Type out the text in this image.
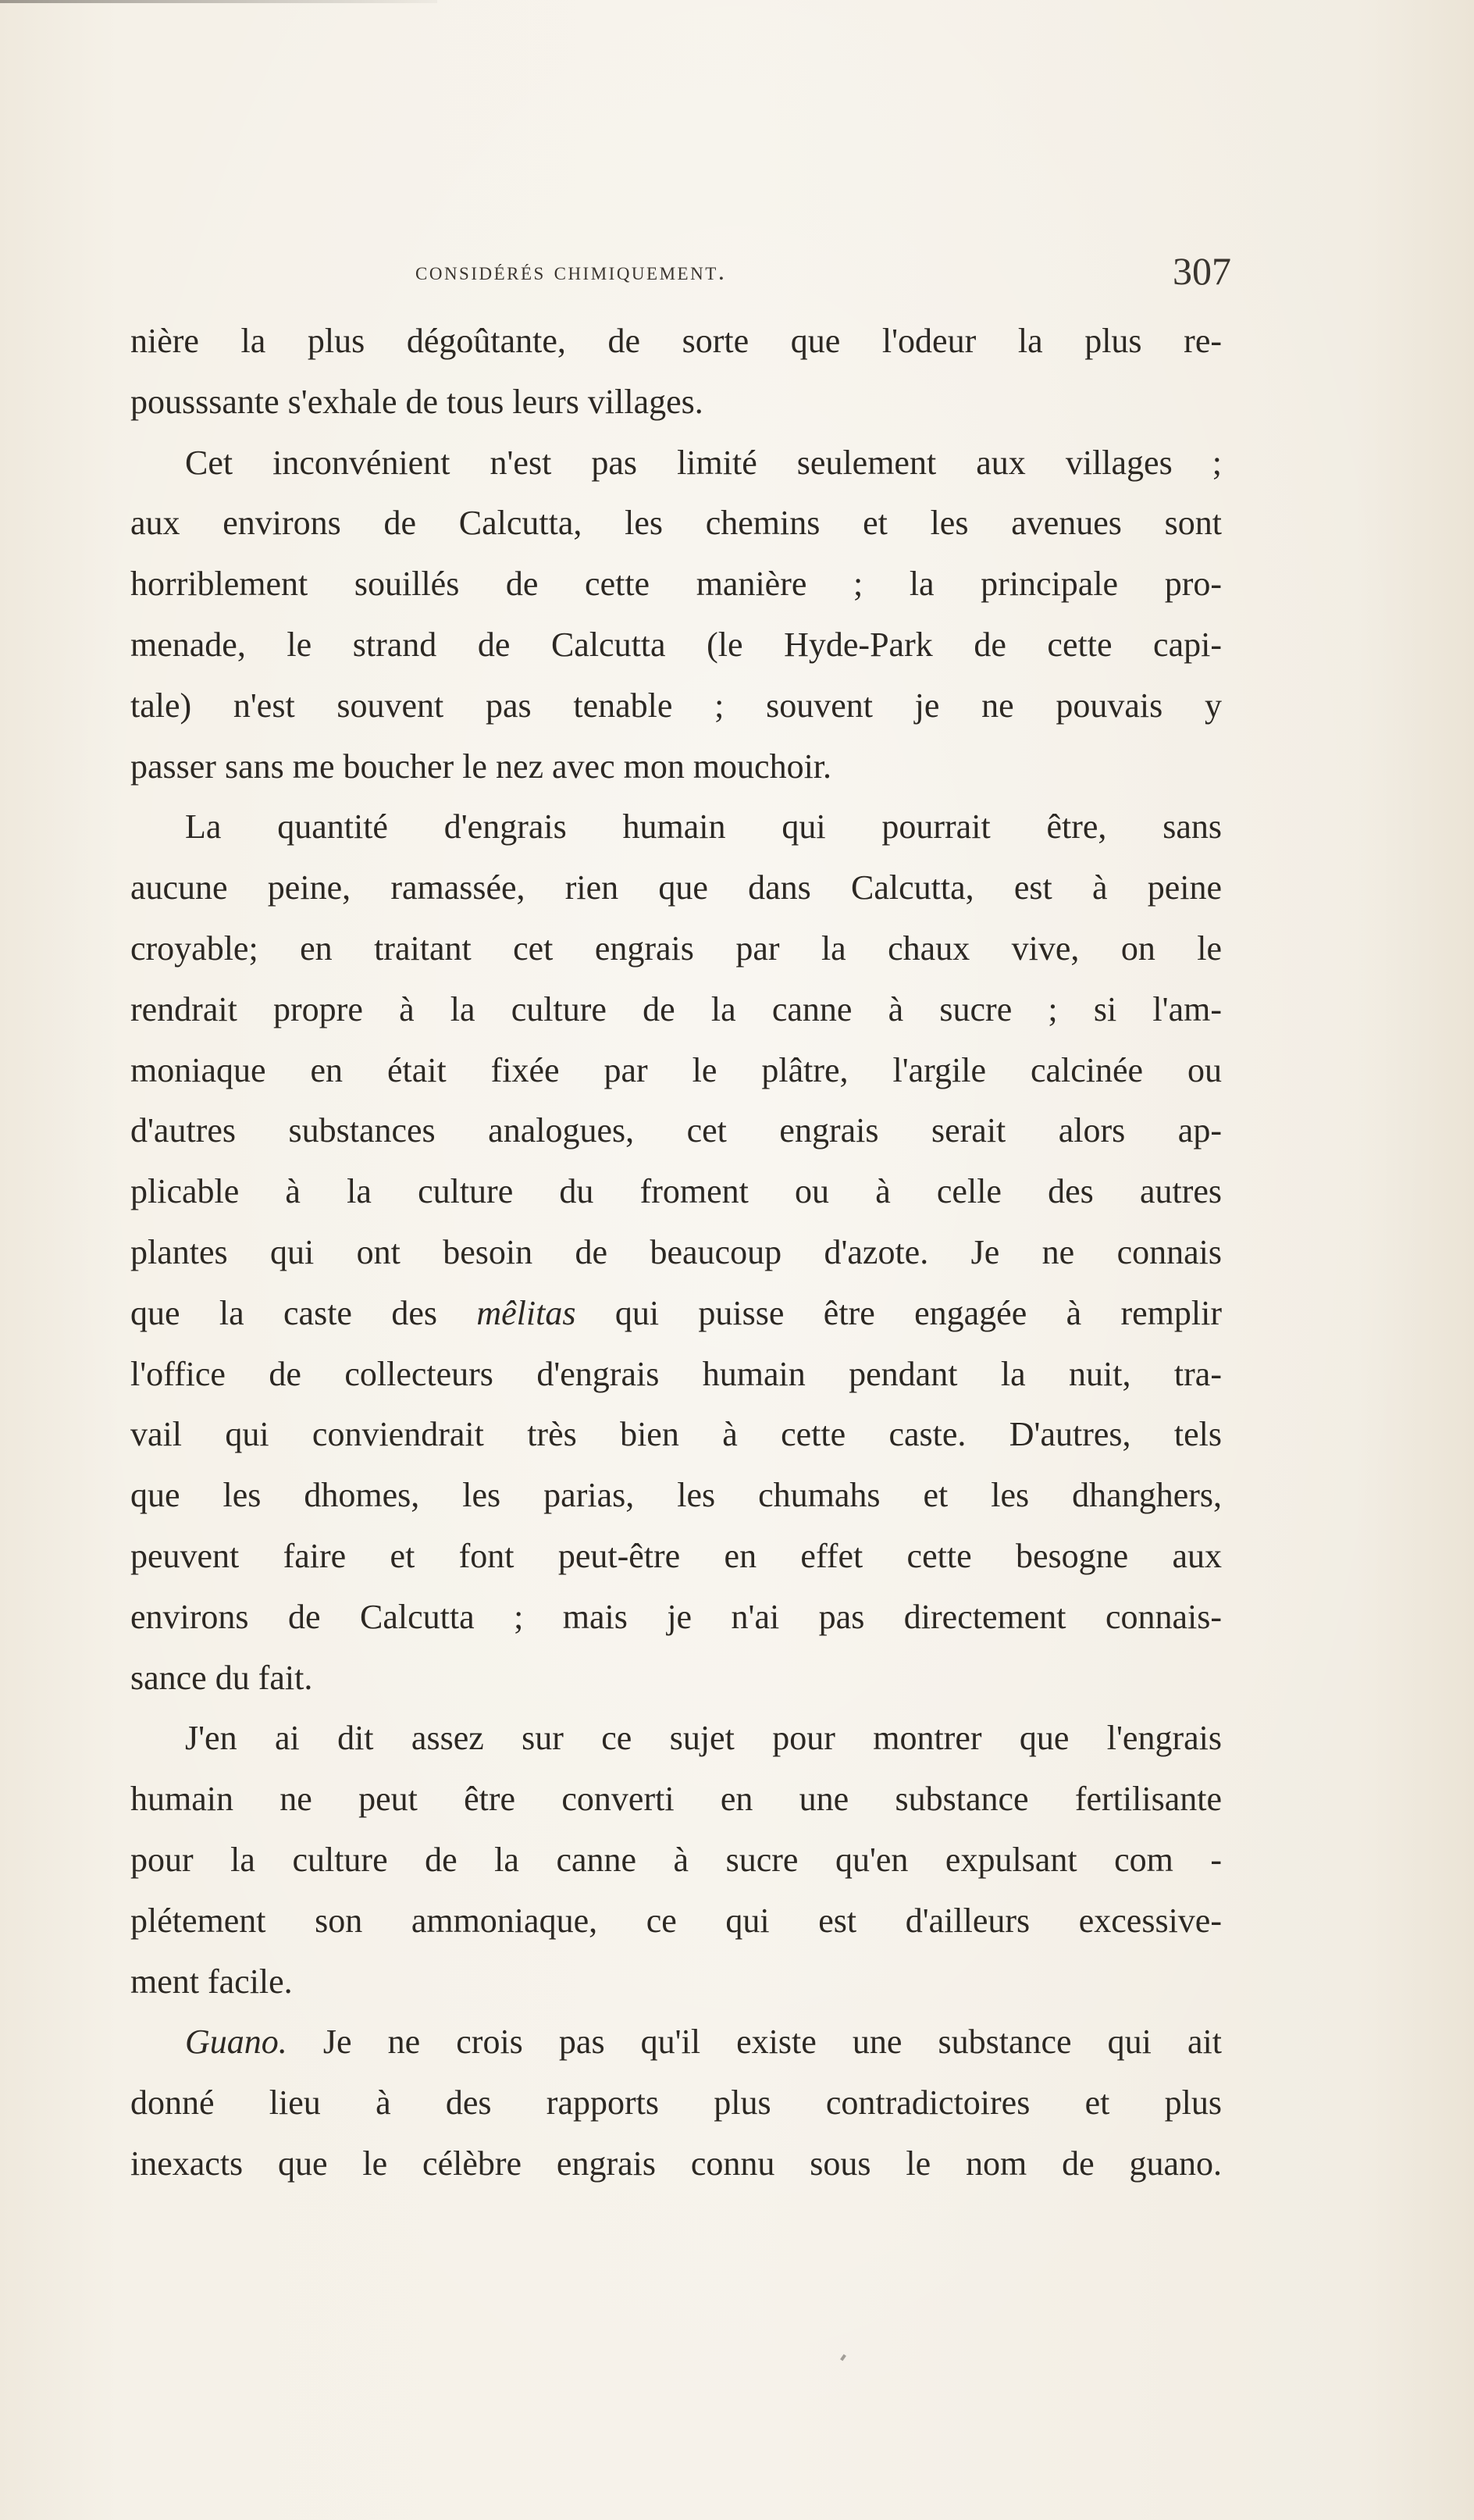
considérés chimiquement.	307
nière la plus dégoûtante, de sorte que l'odeur la plus re-
pousssante s'exhale de tous leurs villages.
Cet inconvénient n'est pas limité seulement aux villages ;
aux environs de Calcutta, les chemins et les avenues sont
horriblement souillés de cette manière ; la principale pro-
menade, le strand de Calcutta (le Hyde-Park de cette capi-
tale) n'est souvent pas tenable ; souvent je ne pouvais y
passer sans me boucher le nez avec mon mouchoir.
La quantité d'engrais humain qui pourrait être, sans
aucune peine, ramassée, rien que dans Calcutta, est à peine
croyable; en traitant cet engrais par la chaux vive, on le
rendrait propre à la culture de la canne à sucre ; si l'am-
moniaque en était fixée par le plâtre, l'argile calcinée ou
d'autres substances analogues, cet engrais serait alors ap-
plicable à la culture du froment ou à celle des autres
plantes qui ont besoin de beaucoup d'azote. Je ne connais
que la caste des mêlitas qui puisse être engagée à remplir
l'office de collecteurs d'engrais humain pendant la nuit, tra-
vail qui conviendrait très bien à cette caste. D'autres, tels
que les dhomes, les parias, les chumahs et les dhanghers,
peuvent faire et font peut-être en effet cette besogne aux
environs de Calcutta ; mais je n'ai pas directement connais-
sance du fait.
J'en ai dit assez sur ce sujet pour montrer que l'engrais
humain ne peut être converti en une substance fertilisante
pour la culture de la canne à sucre qu'en expulsant com -
plétement son ammoniaque, ce qui est d'ailleurs excessive-
ment facile.
Guano. Je ne crois pas qu'il existe une substance qui ait
donné lieu à des rapports plus contradictoires et plus
inexacts que le célèbre engrais connu sous le nom de guano.
